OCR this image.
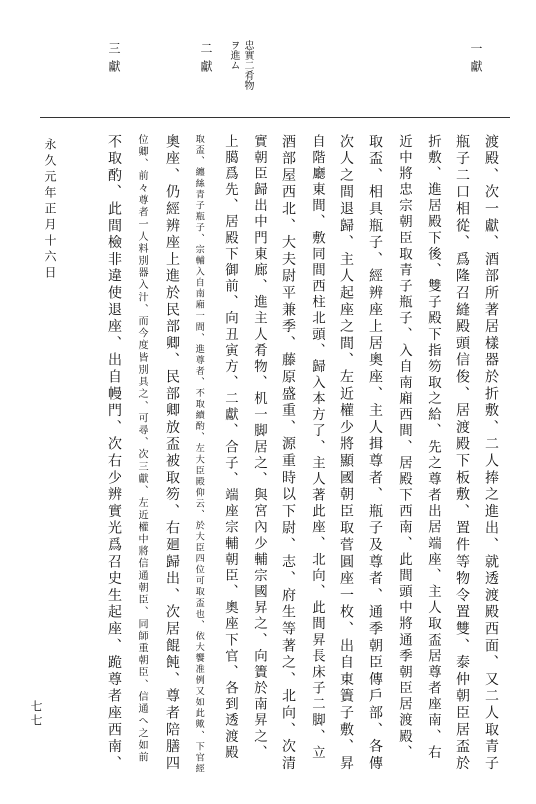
一獻
二獻
三獻	忠實二肴物
ヲ進ム
渡殿、次一獻、酒部所著居樣器於折敷、二人捧之進出、就透渡殿西面、又二人取青子
瓶子二口相從、爲隆召縫殿頭信俊、居渡殿下板敷、置件等物令置雙、泰仲朝臣居盃於
折敷、進居殿下後、雙子殿下指笏取之給、先之尊者出居端座、主人取盃居尊者座南、右
近中將忠宗朝臣取青子瓶子、入自南廂西間、居殿下西南、此間頭中將通季朝臣居渡殿、
取盃、相具瓶子、經辨座上居奧座、主人揖尊者、瓶子及尊者、通季朝臣傳戶部、各傳
次人之間退歸、主人起座之間、左近權少將顯國朝臣取菅圓座一枚、出自東簀子敷、昇
自階廳東間、敷同間西柱北頭、歸入本方了、主人著此座、北向、此間昇長床子二脚、立
酒部屋西北、大夫尉平兼季、藤原盛重、源重時以下尉、志、府生等著之、北向、次清
實朝臣歸出中門東廊、進主人肴物、机一脚居之、與宮內少輔宗國昇之、向簀於南昇之、
上臈爲先、居殿下御前、向丑寅方、二獻、合子、端座宗輔朝臣、奧座下官、各到透渡殿
取盃、纏絲青子瓶子、宗輔入自南廂一間、進尊者、不取續酌、左大臣殿仰云、於大臣四位可取盃也、依大饗准例又如此歟、下官經
奧座、仍經辨座上進於民部卿、民部卿放盃被取笏、右廻歸出、次居餛飩、尊者陪膳四
位卿、前々尊者一人料別器入汁、而今度皆別具之、可尋、次三獻、左近權中將信通朝臣、同師重朝臣、信通へ之如前
不取酌、此間檢非違使退座、出自幔門、次右少辨實光爲召史生起座、跪尊者座西南、
永久元年正月十六日
七七
